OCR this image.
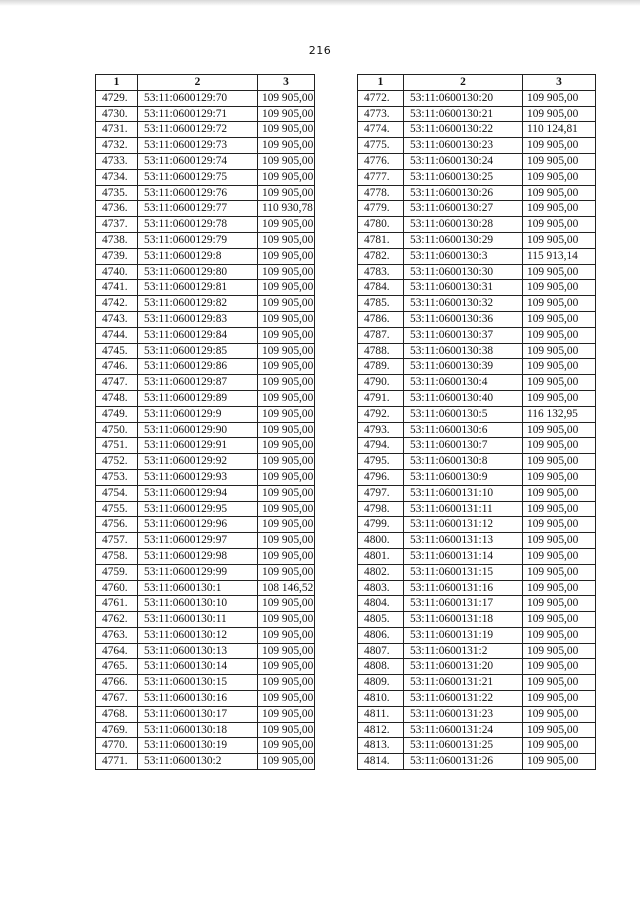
216
1	2	3
4729.	53:11:0600129:70	109 905,00
4730.	53:11:0600129:71	109 905,00
4731.	53:11:0600129:72	109 905,00
4732.	53:11:0600129:73	109 905,00
4733.	53:11:0600129:74	109 905,00
4734.	53:11:0600129:75	109 905,00
4735.	53:11:0600129:76	109 905,00
4736.	53:11:0600129:77	110 930,78
4737.	53:11:0600129:78	109 905,00
4738.	53:11:0600129:79	109 905,00
4739.	53:11:0600129:8	109 905,00
4740.	53:11:0600129:80	109 905,00
4741.	53:11:0600129:81	109 905,00
4742.	53:11:0600129:82	109 905,00
4743.	53:11:0600129:83	109 905,00
4744.	53:11:0600129:84	109 905,00
4745.	53:11:0600129:85	109 905,00
4746.	53:11:0600129:86	109 905,00
4747.	53:11:0600129:87	109 905,00
4748.	53:11:0600129:89	109 905,00
4749.	53:11:0600129:9	109 905,00
4750.	53:11:0600129:90	109 905,00
4751.	53:11:0600129:91	109 905,00
4752.	53:11:0600129:92	109 905,00
4753.	53:11:0600129:93	109 905,00
4754.	53:11:0600129:94	109 905,00
4755.	53:11:0600129:95	109 905,00
4756.	53:11:0600129:96	109 905,00
4757.	53:11:0600129:97	109 905,00
4758.	53:11:0600129:98	109 905,00
4759.	53:11:0600129:99	109 905,00
4760.	53:11:0600130:1	108 146,52
4761.	53:11:0600130:10	109 905,00
4762.	53:11:0600130:11	109 905,00
4763.	53:11:0600130:12	109 905,00
4764.	53:11:0600130:13	109 905,00
4765.	53:11:0600130:14	109 905,00
4766.	53:11:0600130:15	109 905,00
4767.	53:11:0600130:16	109 905,00
4768.	53:11:0600130:17	109 905,00
4769.	53:11:0600130:18	109 905,00
4770.	53:11:0600130:19	109 905,00
4771.	53:11:0600130:2	109 905,00
1	2	3
4772.	53:11:0600130:20	109 905,00
4773.	53:11:0600130:21	109 905,00
4774.	53:11:0600130:22	110 124,81
4775.	53:11:0600130:23	109 905,00
4776.	53:11:0600130:24	109 905,00
4777.	53:11:0600130:25	109 905,00
4778.	53:11:0600130:26	109 905,00
4779.	53:11:0600130:27	109 905,00
4780.	53:11:0600130:28	109 905,00
4781.	53:11:0600130:29	109 905,00
4782.	53:11:0600130:3	115 913,14
4783.	53:11:0600130:30	109 905,00
4784.	53:11:0600130:31	109 905,00
4785.	53:11:0600130:32	109 905,00
4786.	53:11:0600130:36	109 905,00
4787.	53:11:0600130:37	109 905,00
4788.	53:11:0600130:38	109 905,00
4789.	53:11:0600130:39	109 905,00
4790.	53:11:0600130:4	109 905,00
4791.	53:11:0600130:40	109 905,00
4792.	53:11:0600130:5	116 132,95
4793.	53:11:0600130:6	109 905,00
4794.	53:11:0600130:7	109 905,00
4795.	53:11:0600130:8	109 905,00
4796.	53:11:0600130:9	109 905,00
4797.	53:11:0600131:10	109 905,00
4798.	53:11:0600131:11	109 905,00
4799.	53:11:0600131:12	109 905,00
4800.	53:11:0600131:13	109 905,00
4801.	53:11:0600131:14	109 905,00
4802.	53:11:0600131:15	109 905,00
4803.	53:11:0600131:16	109 905,00
4804.	53:11:0600131:17	109 905,00
4805.	53:11:0600131:18	109 905,00
4806.	53:11:0600131:19	109 905,00
4807.	53:11:0600131:2	109 905,00
4808.	53:11:0600131:20	109 905,00
4809.	53:11:0600131:21	109 905,00
4810.	53:11:0600131:22	109 905,00
4811.	53:11:0600131:23	109 905,00
4812.	53:11:0600131:24	109 905,00
4813.	53:11:0600131:25	109 905,00
4814.	53:11:0600131:26	109 905,00
